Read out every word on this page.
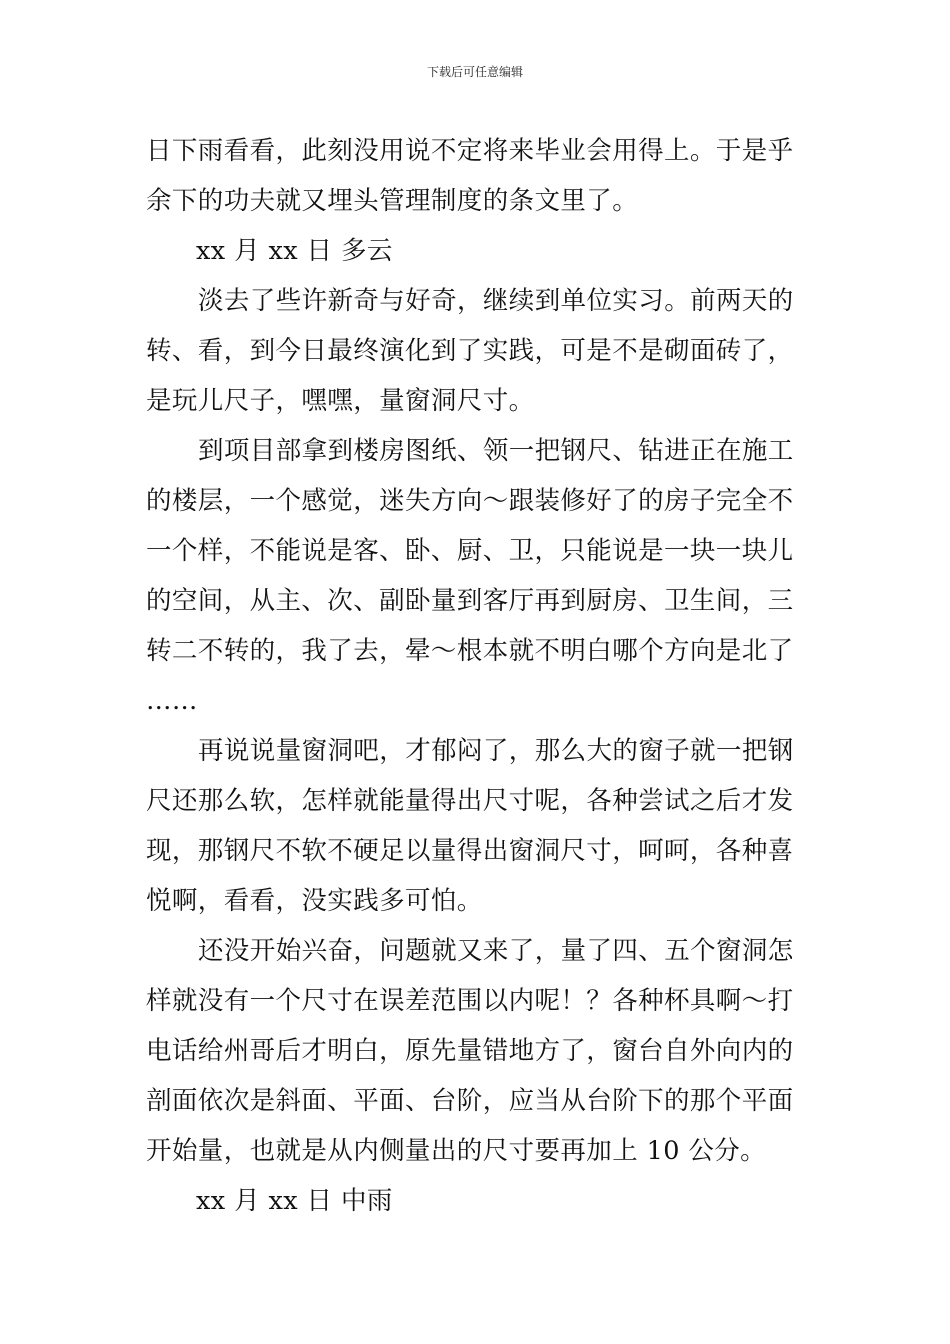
下载后可任意编辑
日下雨看看，此刻没用说不定将来毕业会用得上。于是乎
余下的功夫就又埋头管理制度的条文里了。
xx 月 xx 日 多云
淡去了些许新奇与好奇，继续到单位实习。前两天的
转、看，到今日最终演化到了实践，可是不是砌面砖了，
是玩儿尺子，嘿嘿，量窗洞尺寸。
到项目部拿到楼房图纸、领一把钢尺、钻进正在施工
的楼层，一个感觉，迷失方向～跟装修好了的房子完全不
一个样，不能说是客、卧、厨、卫，只能说是一块一块儿
的空间，从主、次、副卧量到客厅再到厨房、卫生间，三
转二不转的，我了去，晕～根本就不明白哪个方向是北了
……
再说说量窗洞吧，才郁闷了，那么大的窗子就一把钢
尺还那么软，怎样就能量得出尺寸呢，各种尝试之后才发
现，那钢尺不软不硬足以量得出窗洞尺寸，呵呵，各种喜
悦啊，看看，没实践多可怕。
还没开始兴奋，问题就又来了，量了四、五个窗洞怎
样就没有一个尺寸在误差范围以内呢！？各种杯具啊～打
电话给州哥后才明白，原先量错地方了，窗台自外向内的
剖面依次是斜面、平面、台阶，应当从台阶下的那个平面
开始量，也就是从内侧量出的尺寸要再加上 10 公分。
xx 月 xx 日 中雨
